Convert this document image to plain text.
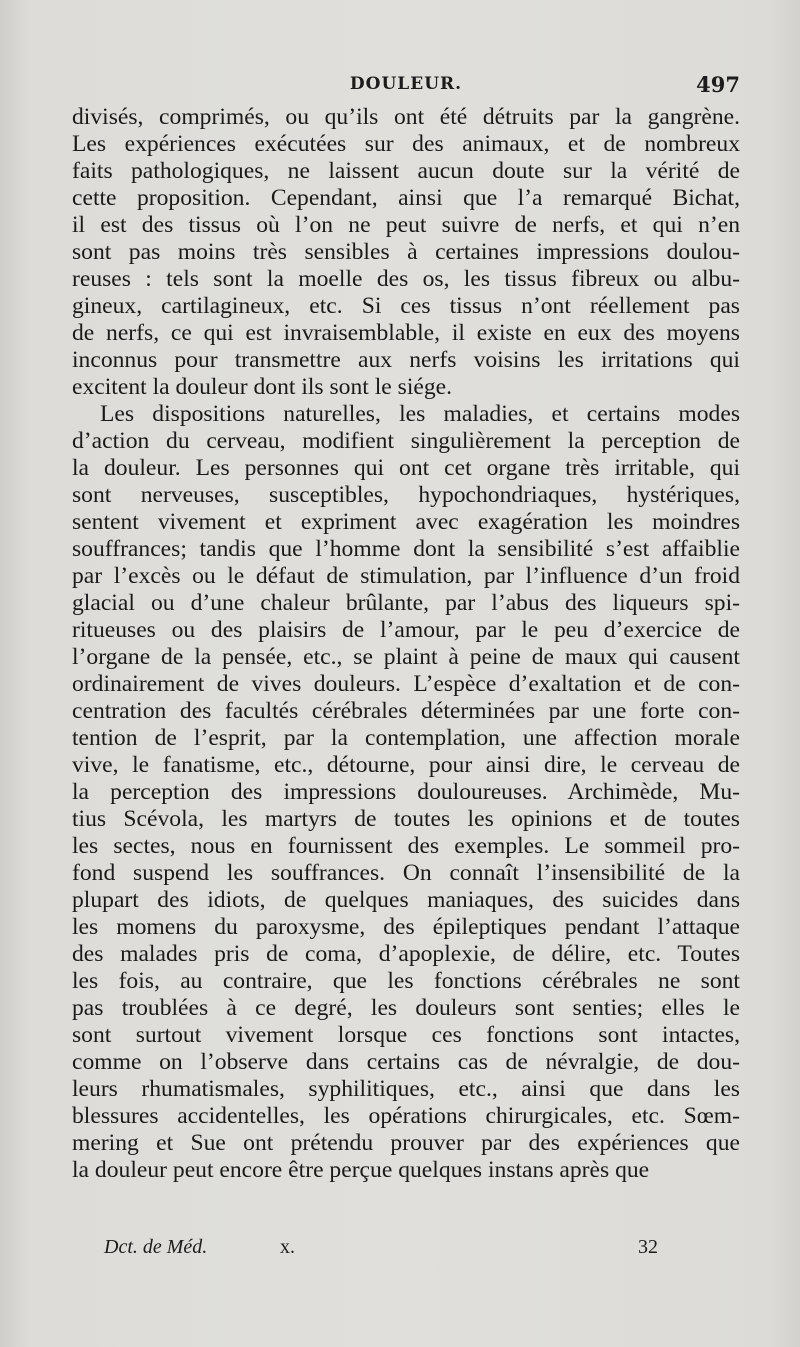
DOULEUR.	497
divisés, comprimés, ou qu’ils ont été détruits par la gangrène.
Les expériences exécutées sur des animaux, et de nombreux
faits pathologiques, ne laissent aucun doute sur la vérité de
cette proposition. Cependant, ainsi que l’a remarqué Bichat,
il est des tissus où l’on ne peut suivre de nerfs, et qui n’en
sont pas moins très sensibles à certaines impressions doulou-
reuses : tels sont la moelle des os, les tissus fibreux ou albu-
gineux, cartilagineux, etc. Si ces tissus n’ont réellement pas
de nerfs, ce qui est invraisemblable, il existe en eux des moyens
inconnus pour transmettre aux nerfs voisins les irritations qui
excitent la douleur dont ils sont le siége.
Les dispositions naturelles, les maladies, et certains modes
d’action du cerveau, modifient singulièrement la perception de
la douleur. Les personnes qui ont cet organe très irritable, qui
sont nerveuses, susceptibles, hypochondriaques, hystériques,
sentent vivement et expriment avec exagération les moindres
souffrances; tandis que l’homme dont la sensibilité s’est affaiblie
par l’excès ou le défaut de stimulation, par l’influence d’un froid
glacial ou d’une chaleur brûlante, par l’abus des liqueurs spi-
ritueuses ou des plaisirs de l’amour, par le peu d’exercice de
l’organe de la pensée, etc., se plaint à peine de maux qui causent
ordinairement de vives douleurs. L’espèce d’exaltation et de con-
centration des facultés cérébrales déterminées par une forte con-
tention de l’esprit, par la contemplation, une affection morale
vive, le fanatisme, etc., détourne, pour ainsi dire, le cerveau de
la perception des impressions douloureuses. Archimède, Mu-
tius Scévola, les martyrs de toutes les opinions et de toutes
les sectes, nous en fournissent des exemples. Le sommeil pro-
fond suspend les souffrances. On connaît l’insensibilité de la
plupart des idiots, de quelques maniaques, des suicides dans
les momens du paroxysme, des épileptiques pendant l’attaque
des malades pris de coma, d’apoplexie, de délire, etc. Toutes
les fois, au contraire, que les fonctions cérébrales ne sont
pas troublées à ce degré, les douleurs sont senties; elles le
sont surtout vivement lorsque ces fonctions sont intactes,
comme on l’observe dans certains cas de névralgie, de dou-
leurs rhumatismales, syphilitiques, etc., ainsi que dans les
blessures accidentelles, les opérations chirurgicales, etc. Sœm-
mering et Sue ont prétendu prouver par des expériences que
la douleur peut encore être perçue quelques instans après que
Dct. de Méd.	x.	32
